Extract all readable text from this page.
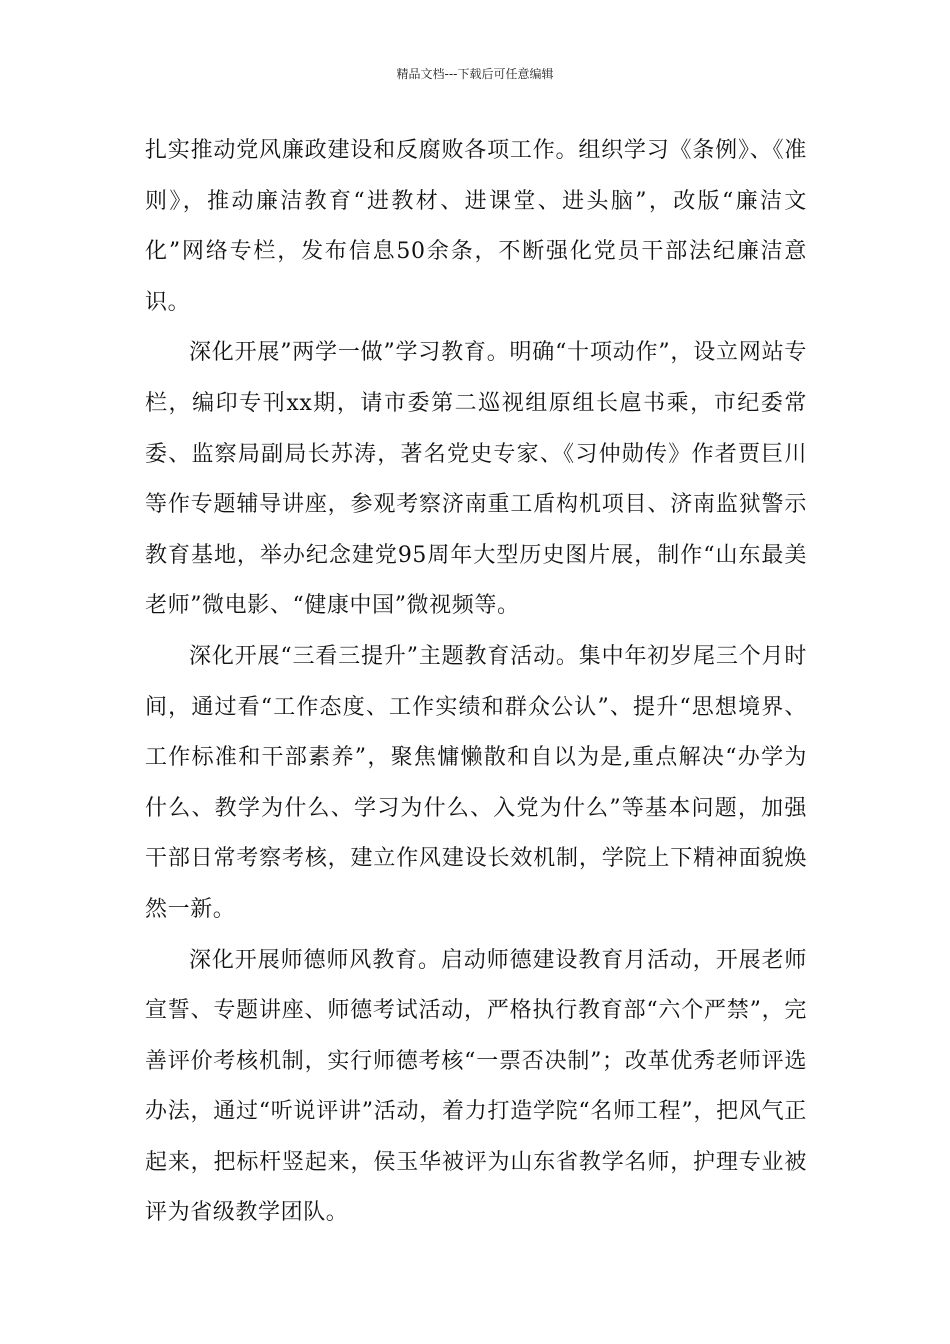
精品文档---下载后可任意编辑

扎实推动党风廉政建设和反腐败各项工作。组织学习《条例》、《准则》，推动廉洁教育“进教材、进课堂、进头脑”，改版“廉洁文化”网络专栏，发布信息50余条，不断强化党员干部法纪廉洁意识。

深化开展”两学一做”学习教育。明确“十项动作”，设立网站专栏，编印专刊xx期，请市委第二巡视组原组长扈书乘，市纪委常委、监察局副局长苏涛，著名党史专家、《习仲勋传》作者贾巨川等作专题辅导讲座，参观考察济南重工盾构机项目、济南监狱警示教育基地，举办纪念建党95周年大型历史图片展，制作“山东最美老师”微电影、“健康中国”微视频等。

深化开展“三看三提升”主题教育活动。集中年初岁尾三个月时间，通过看“工作态度、工作实绩和群众公认”、提升“思想境界、工作标准和干部素养”，聚焦慵懒散和自以为是,重点解决“办学为什么、教学为什么、学习为什么、入党为什么”等基本问题，加强干部日常考察考核，建立作风建设长效机制，学院上下精神面貌焕然一新。

深化开展师德师风教育。启动师德建设教育月活动，开展老师宣誓、专题讲座、师德考试活动，严格执行教育部“六个严禁”，完善评价考核机制，实行师德考核“一票否决制”；改革优秀老师评选办法，通过“听说评讲”活动，着力打造学院“名师工程”，把风气正起来，把标杆竖起来，侯玉华被评为山东省教学名师，护理专业被评为省级教学团队。
